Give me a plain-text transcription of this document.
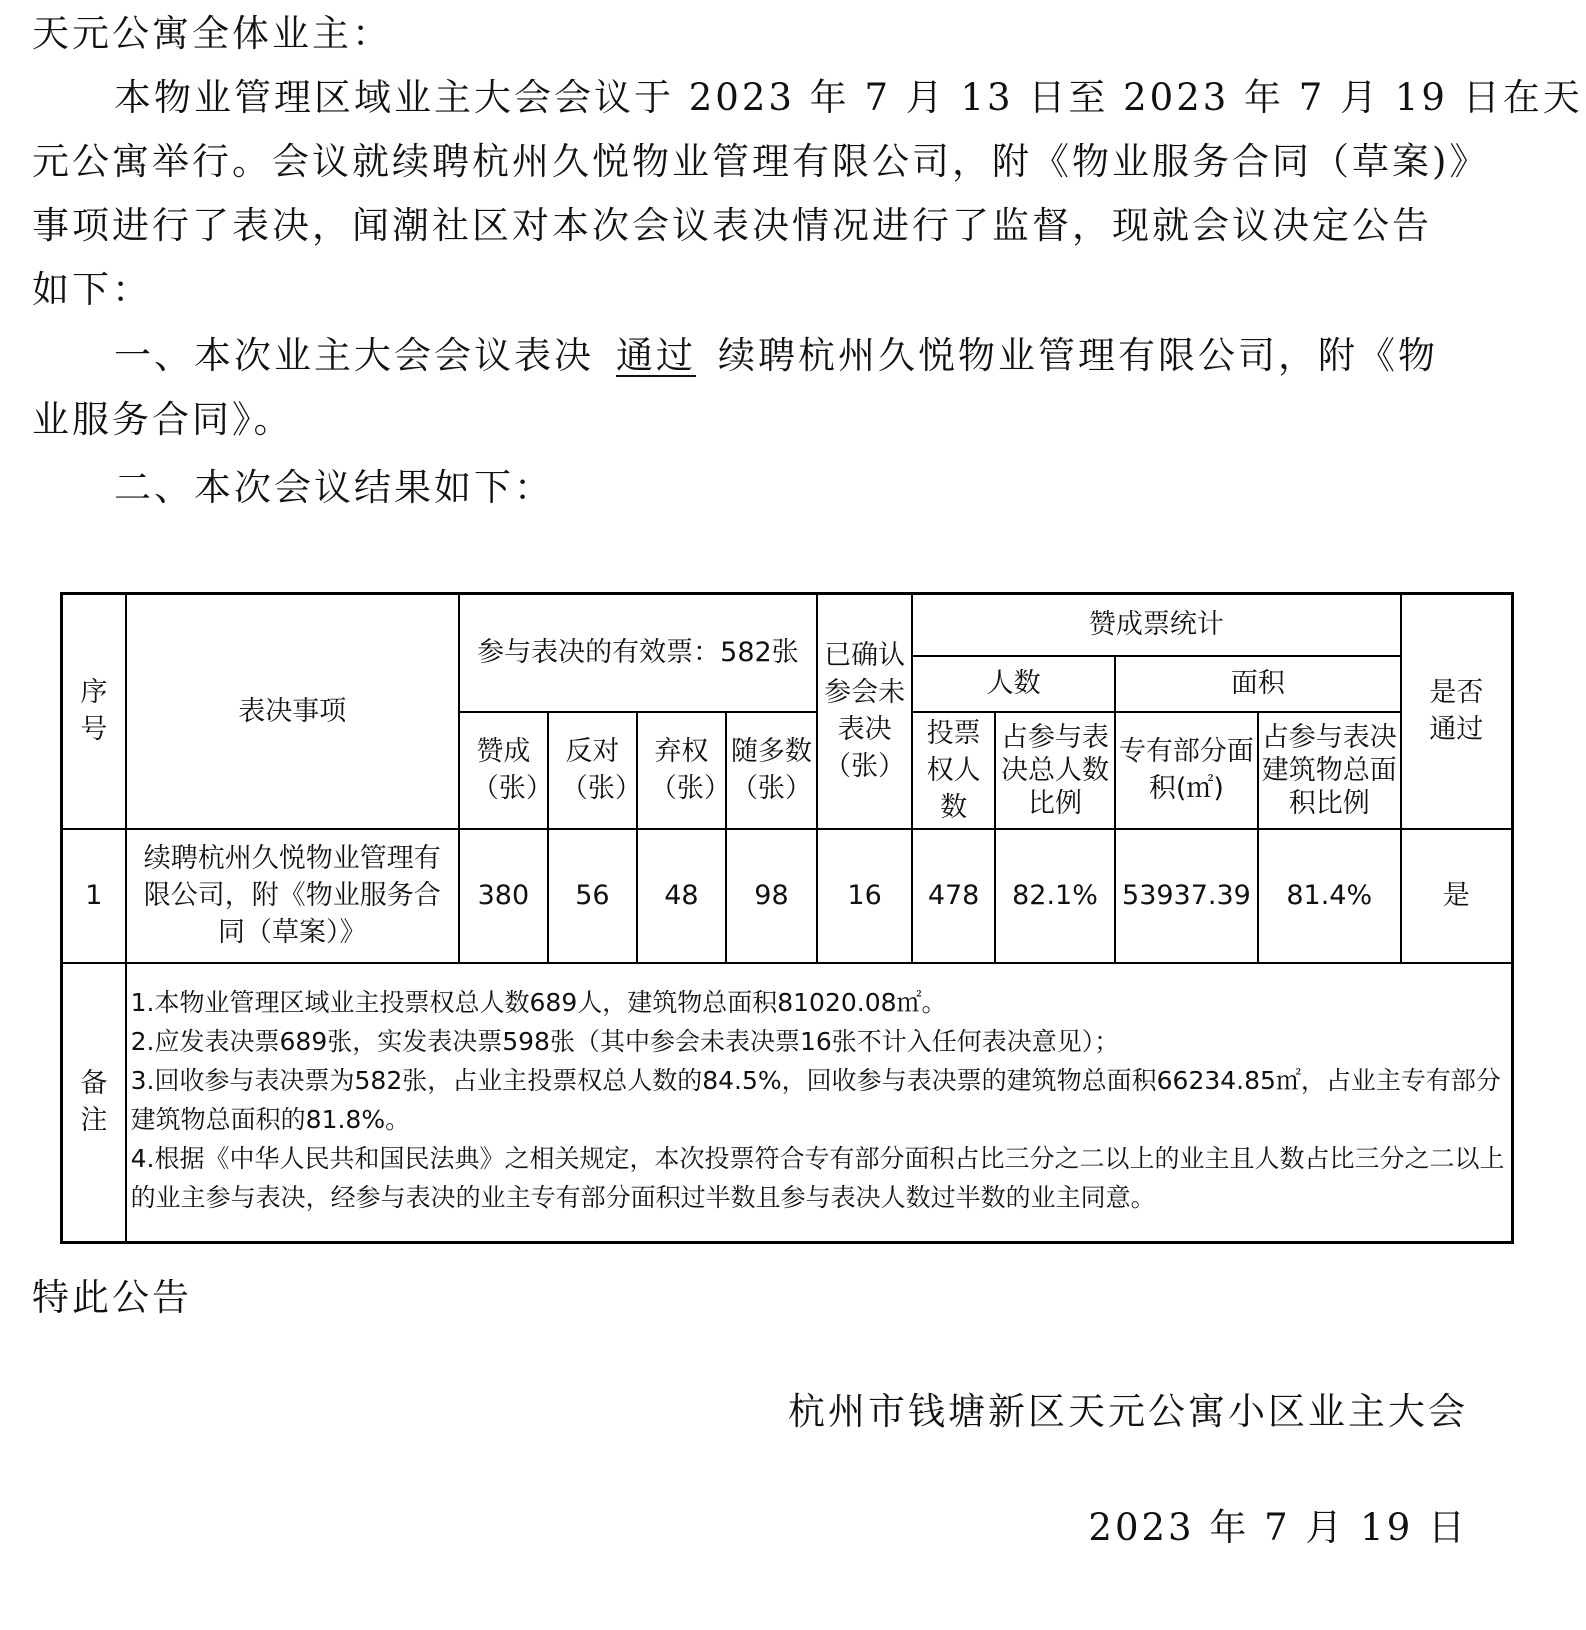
天元公寓全体业主：
本物业管理区域业主大会会议于 2023 年 7 月 13 日至 2023 年 7 月 19 日在天
元公寓举行。会议就续聘杭州久悦物业管理有限公司，附《物业服务合同（草案)》
事项进行了表决，闻潮社区对本次会议表决情况进行了监督，现就会议决定公告
如下：
一、本次业主大会会议表决 通过 续聘杭州久悦物业管理有限公司，附《物
业服务合同》。
二、本次会议结果如下：
序号	表决事项	参与表决的有效票：582张				已确认参会未表决（张）	赞成票统计				是否通过
							人数		面积		
		赞成（张）	反对（张）	弃权（张）	随多数（张）		投票权人数	占参与表决总人数比例	专有部分面积(㎡)	占参与表决建筑物总面积比例	
1	续聘杭州久悦物业管理有限公司，附《物业服务合同（草案）》	380	56	48	98	16	478	82.1%	53937.39	81.4%	是
备注	1.本物业管理区域业主投票权总人数689人，建筑物总面积81020.08㎡。
2.应发表决票689张，实发表决票598张（其中参会未表决票16张不计入任何表决意见）；
3.回收参与表决票为582张，占业主投票权总人数的84.5%，回收参与表决票的建筑物总面积66234.85㎡，占业主专有部分建筑物总面积的81.8%。
4.根据《中华人民共和国民法典》之相关规定，本次投票符合专有部分面积占比三分之二以上的业主且人数占比三分之二以上的业主参与表决，经参与表决的业主专有部分面积过半数且参与表决人数过半数的业主同意。										
特此公告
杭州市钱塘新区天元公寓小区业主大会
2023 年 7 月 19 日
